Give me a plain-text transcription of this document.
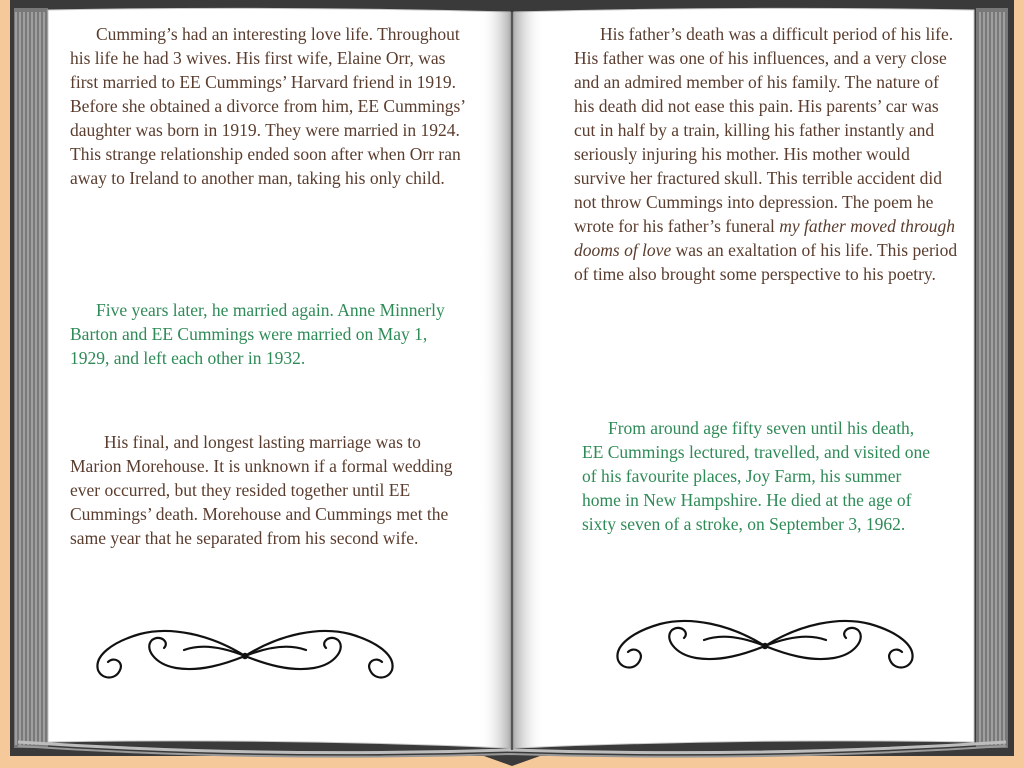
Cumming’s had an interesting love life. Throughout his life he had 3 wives. His first wife, Elaine Orr, was first married to EE Cummings’ Harvard friend in 1919. Before she obtained a divorce from him, EE Cummings’ daughter was born in 1919. They were married in 1924. This strange relationship ended soon after when Orr ran away to Ireland to another man, taking his only child.

Five years later, he married again. Anne Minnerly Barton and EE Cummings were married on May 1, 1929, and left each other in 1932.

His final, and longest lasting marriage was to Marion Morehouse. It is unknown if a formal wedding ever occurred, but they resided together until EE Cummings’ death. Morehouse and Cummings met the same year that he separated from his second wife.

His father’s death was a difficult period of his life. His father was one of his influences, and a very close and an admired member of his family. The nature of his death did not ease this pain. His parents’ car was cut in half by a train, killing his father instantly and seriously injuring his mother. His mother would survive her fractured skull. This terrible accident did not throw Cummings into depression. The poem he wrote for his father’s funeral my father moved through dooms of love was an exaltation of his life. This period of time also brought some perspective to his poetry.

From around age fifty seven until his death, EE Cummings lectured, travelled, and visited one of his favourite places, Joy Farm, his summer home in New Hampshire. He died at the age of sixty seven of a stroke, on September 3, 1962.
